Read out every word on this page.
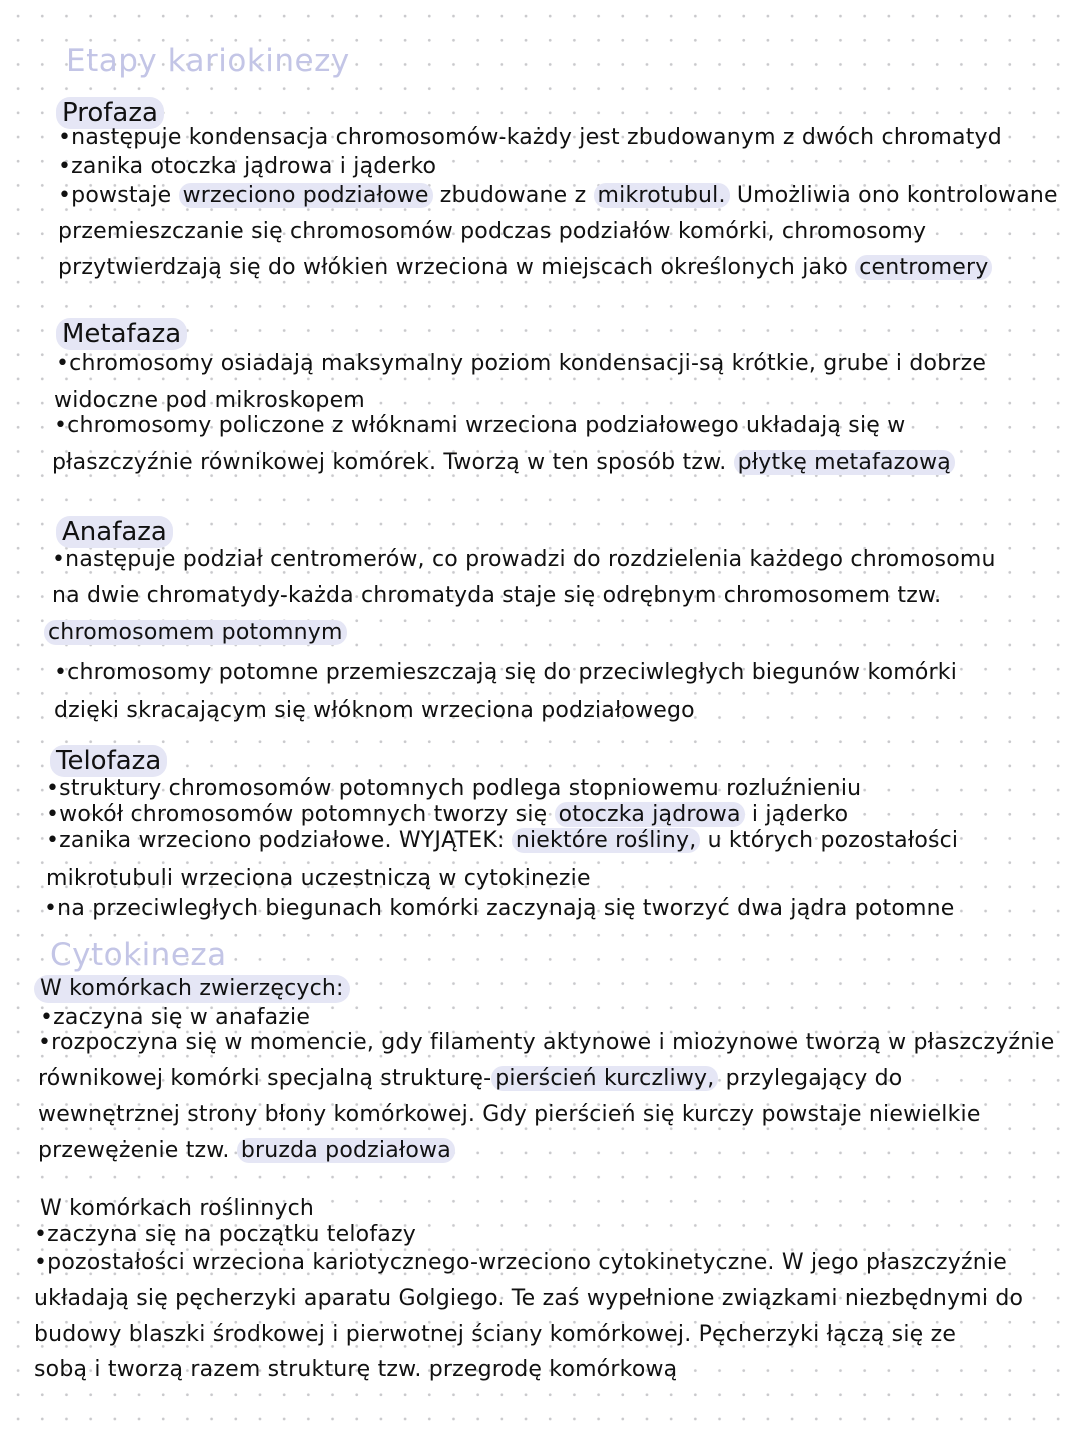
Etapy kariokinezy
Profaza
•następuje kondensacja chromosomów-każdy jest zbudowanym z dwóch chromatyd
•zanika otoczka jądrowa i jąderko
•powstaje wrzeciono podziałowe zbudowane z mikrotubul. Umożliwia ono kontrolowane
przemieszczanie się chromosomów podczas podziałów komórki, chromosomy
przytwierdzają się do włókien wrzeciona w miejscach określonych jako centromery
Metafaza
•chromosomy osiadają maksymalny poziom kondensacji-są krótkie, grube i dobrze
widoczne pod mikroskopem
•chromosomy policzone z włóknami wrzeciona podziałowego układają się w
płaszczyźnie równikowej komórek. Tworzą w ten sposób tzw. płytkę metafazową
Anafaza
•następuje podział centromerów, co prowadzi do rozdzielenia każdego chromosomu
na dwie chromatydy-każda chromatyda staje się odrębnym chromosomem tzw.
chromosomem potomnym
•chromosomy potomne przemieszczają się do przeciwległych biegunów komórki
dzięki skracającym się włóknom wrzeciona podziałowego
Telofaza
•struktury chromosomów potomnych podlega stopniowemu rozluźnieniu
•wokół chromosomów potomnych tworzy się otoczka jądrowa i jąderko
•zanika wrzeciono podziałowe. WYJĄTEK: niektóre rośliny, u których pozostałości
mikrotubuli wrzeciona uczestniczą w cytokinezie
•na przeciwległych biegunach komórki zaczynają się tworzyć dwa jądra potomne
Cytokineza
W komórkach zwierzęcych:
•zaczyna się w anafazie
•rozpoczyna się w momencie, gdy filamenty aktynowe i miozynowe tworzą w płaszczyźnie
równikowej komórki specjalną strukturę- pierścień kurczliwy, przylegający do
wewnętrznej strony błony komórkowej. Gdy pierścień się kurczy powstaje niewielkie
przewężenie tzw. bruzda podziałowa
W komórkach roślinnych
•zaczyna się na początku telofazy
•pozostałości wrzeciona kariotycznego-wrzeciono cytokinetyczne. W jego płaszczyźnie
układają się pęcherzyki aparatu Golgiego. Te zaś wypełnione związkami niezbędnymi do
budowy blaszki środkowej i pierwotnej ściany komórkowej. Pęcherzyki łączą się ze
sobą i tworzą razem strukturę tzw. przegrodę komórkową
